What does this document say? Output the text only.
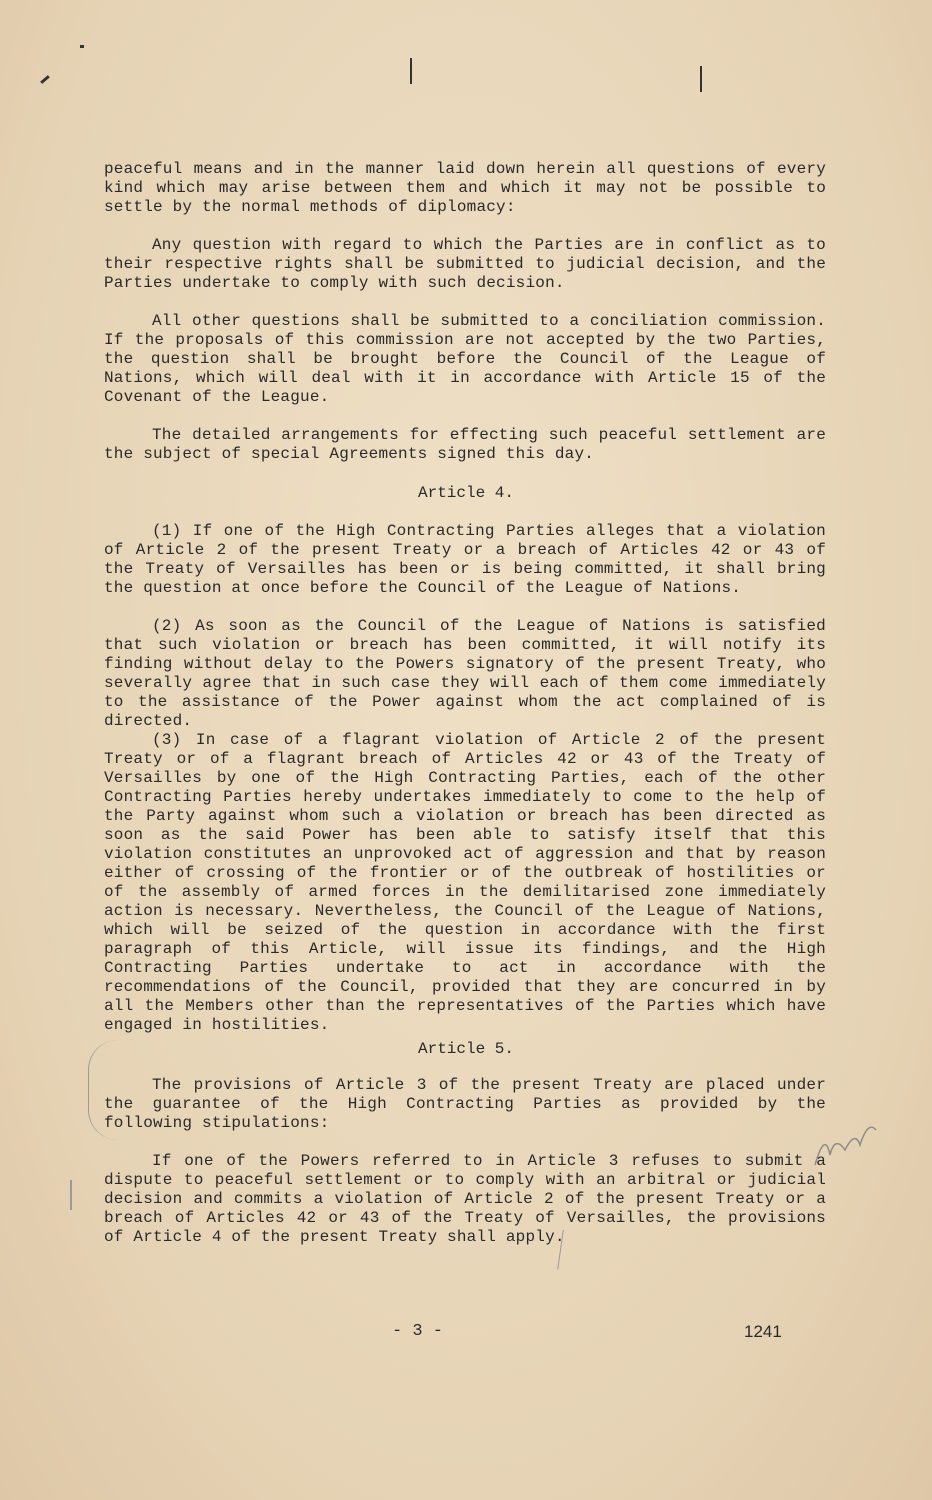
peaceful means and in the manner laid down herein all questions of every kind which may arise between them and which it may not be possible to settle by the normal methods of diplomacy:

Any question with regard to which the Parties are in conflict as to their respective rights shall be submitted to judicial decision, and the Parties undertake to comply with such decision.

All other questions shall be submitted to a conciliation commission. If the proposals of this commission are not accepted by the two Parties, the question shall be brought before the Council of the League of Nations, which will deal with it in accordance with Article 15 of the Covenant of the League.

The detailed arrangements for effecting such peaceful settlement are the subject of special Agreements signed this day.

Article 4.

(1) If one of the High Contracting Parties alleges that a violation of Article 2 of the present Treaty or a breach of Articles 42 or 43 of the Treaty of Versailles has been or is being committed, it shall bring the question at once before the Council of the League of Nations.

(2) As soon as the Council of the League of Nations is satisfied that such violation or breach has been committed, it will notify its finding without delay to the Powers signatory of the present Treaty, who severally agree that in such case they will each of them come immediately to the assistance of the Power against whom the act complained of is directed.

(3) In case of a flagrant violation of Article 2 of the present Treaty or of a flagrant breach of Articles 42 or 43 of the Treaty of Versailles by one of the High Contracting Parties, each of the other Contracting Parties hereby undertakes immediately to come to the help of the Party against whom such a violation or breach has been directed as soon as the said Power has been able to satisfy itself that this violation constitutes an unprovoked act of aggression and that by reason either of crossing of the frontier or of the outbreak of hostilities or of the assembly of armed forces in the demilitarised zone immediately action is necessary. Nevertheless, the Council of the League of Nations, which will be seized of the question in accordance with the first paragraph of this Article, will issue its findings, and the High Contracting Parties undertake to act in accordance with the recommendations of the Council, provided that they are concurred in by all the Members other than the representatives of the Parties which have engaged in hostilities.

Article 5.

The provisions of Article 3 of the present Treaty are placed under the guarantee of the High Contracting Parties as provided by the following stipulations:

If one of the Powers referred to in Article 3 refuses to submit a dispute to peaceful settlement or to comply with an arbitral or judicial decision and commits a violation of Article 2 of the present Treaty or a breach of Articles 42 or 43 of the Treaty of Versailles, the provisions of Article 4 of the present Treaty shall apply.

- 3 -	1241
